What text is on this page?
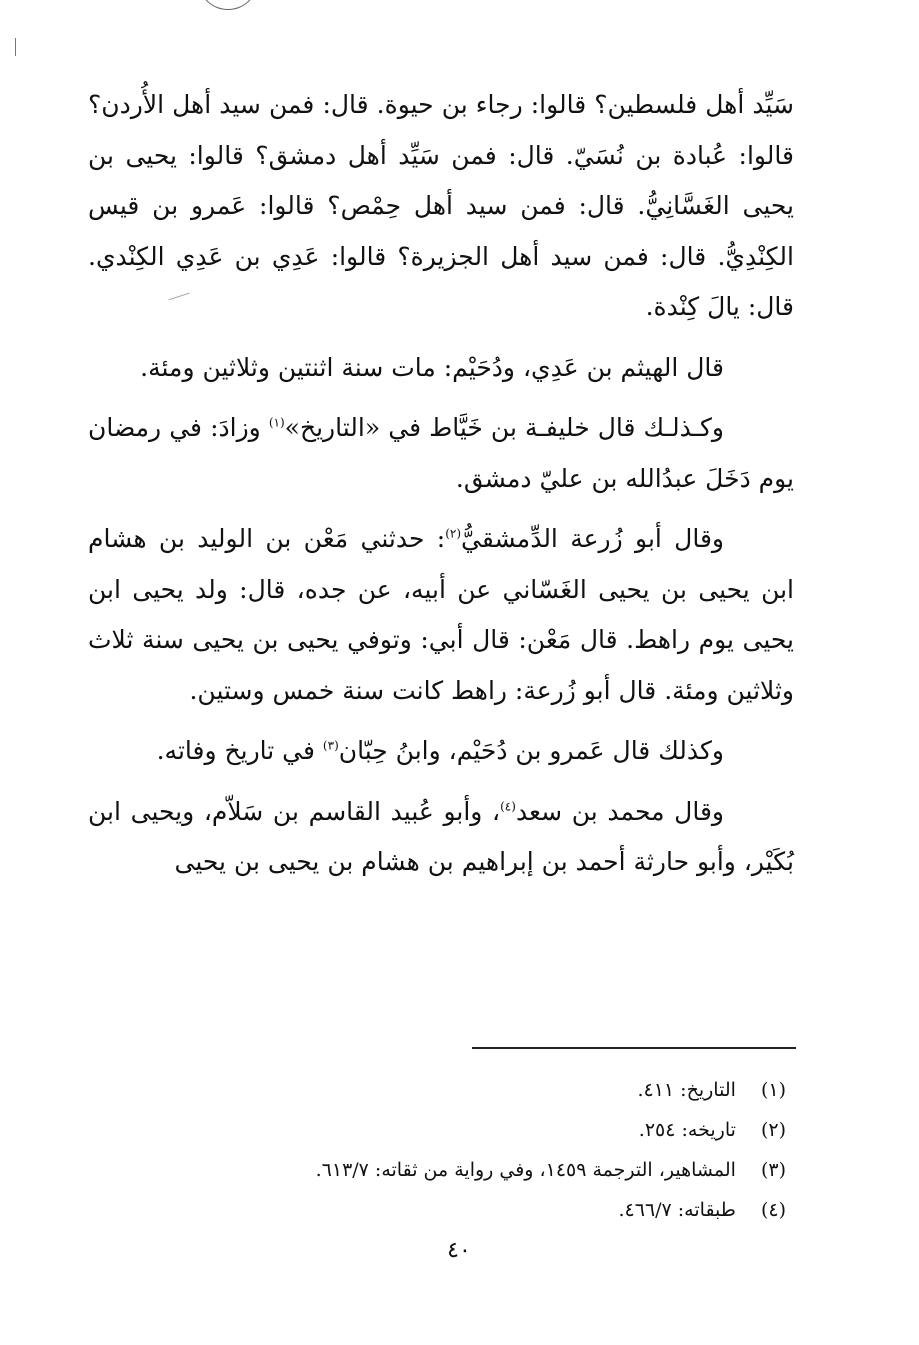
سَيِّد أهل فلسطين؟ قالوا: رجاء بن حيوة. قال: فمن سيد أهل الأُردن؟ قالوا: عُبادة بن نُسَيّ. قال: فمن سَيِّد أهل دمشق؟ قالوا: يحيى بن يحيى الغَسَّانِيُّ. قال: فمن سيد أهل حِمْص؟ قالوا: عَمرو بن قيس الكِنْدِيُّ. قال: فمن سيد أهل الجزيرة؟ قالوا: عَدِي بن عَدِي الكِنْدي. قال: يالَ كِنْدة.

قال الهيثم بن عَدِي، ودُحَيْم: مات سنة اثنتين وثلاثين ومئة.

وكـذلـك قال خليفـة بن خَيَّاط في «التاريخ»$^{(١)}$ وزادَ: في رمضان يوم دَخَلَ عبدُالله بن عليّ دمشق.

وقال أبو زُرعة الدِّمشقيُّ$^{(٢)}$: حدثني مَعْن بن الوليد بن هشام ابن يحيى بن يحيى الغَسّاني عن أبيه، عن جده، قال: ولد يحيى ابن يحيى يوم راهط. قال مَعْن: قال أبي: وتوفي يحيى بن يحيى سنة ثلاث وثلاثين ومئة. قال أبو زُرعة: راهط كانت سنة خمس وستين.

وكذلك قال عَمرو بن دُحَيْم، وابنُ حِبّان$^{(٣)}$ في تاريخ وفاته.

وقال محمد بن سعد$^{(٤)}$، وأبو عُبيد القاسم بن سَلاّم، ويحيى ابن بُكَيْر، وأبو حارثة أحمد بن إبراهيم بن هشام بن يحيى بن يحيى

(١)  التاريخ: ٤١١.
(٢)  تاريخه: ٢٥٤.
(٣)  المشاهير، الترجمة ١٤٥٩، وفي رواية من ثقاته: ٦١٣/٧.
(٤)  طبقاته: ٤٦٦/٧.
٤٠
